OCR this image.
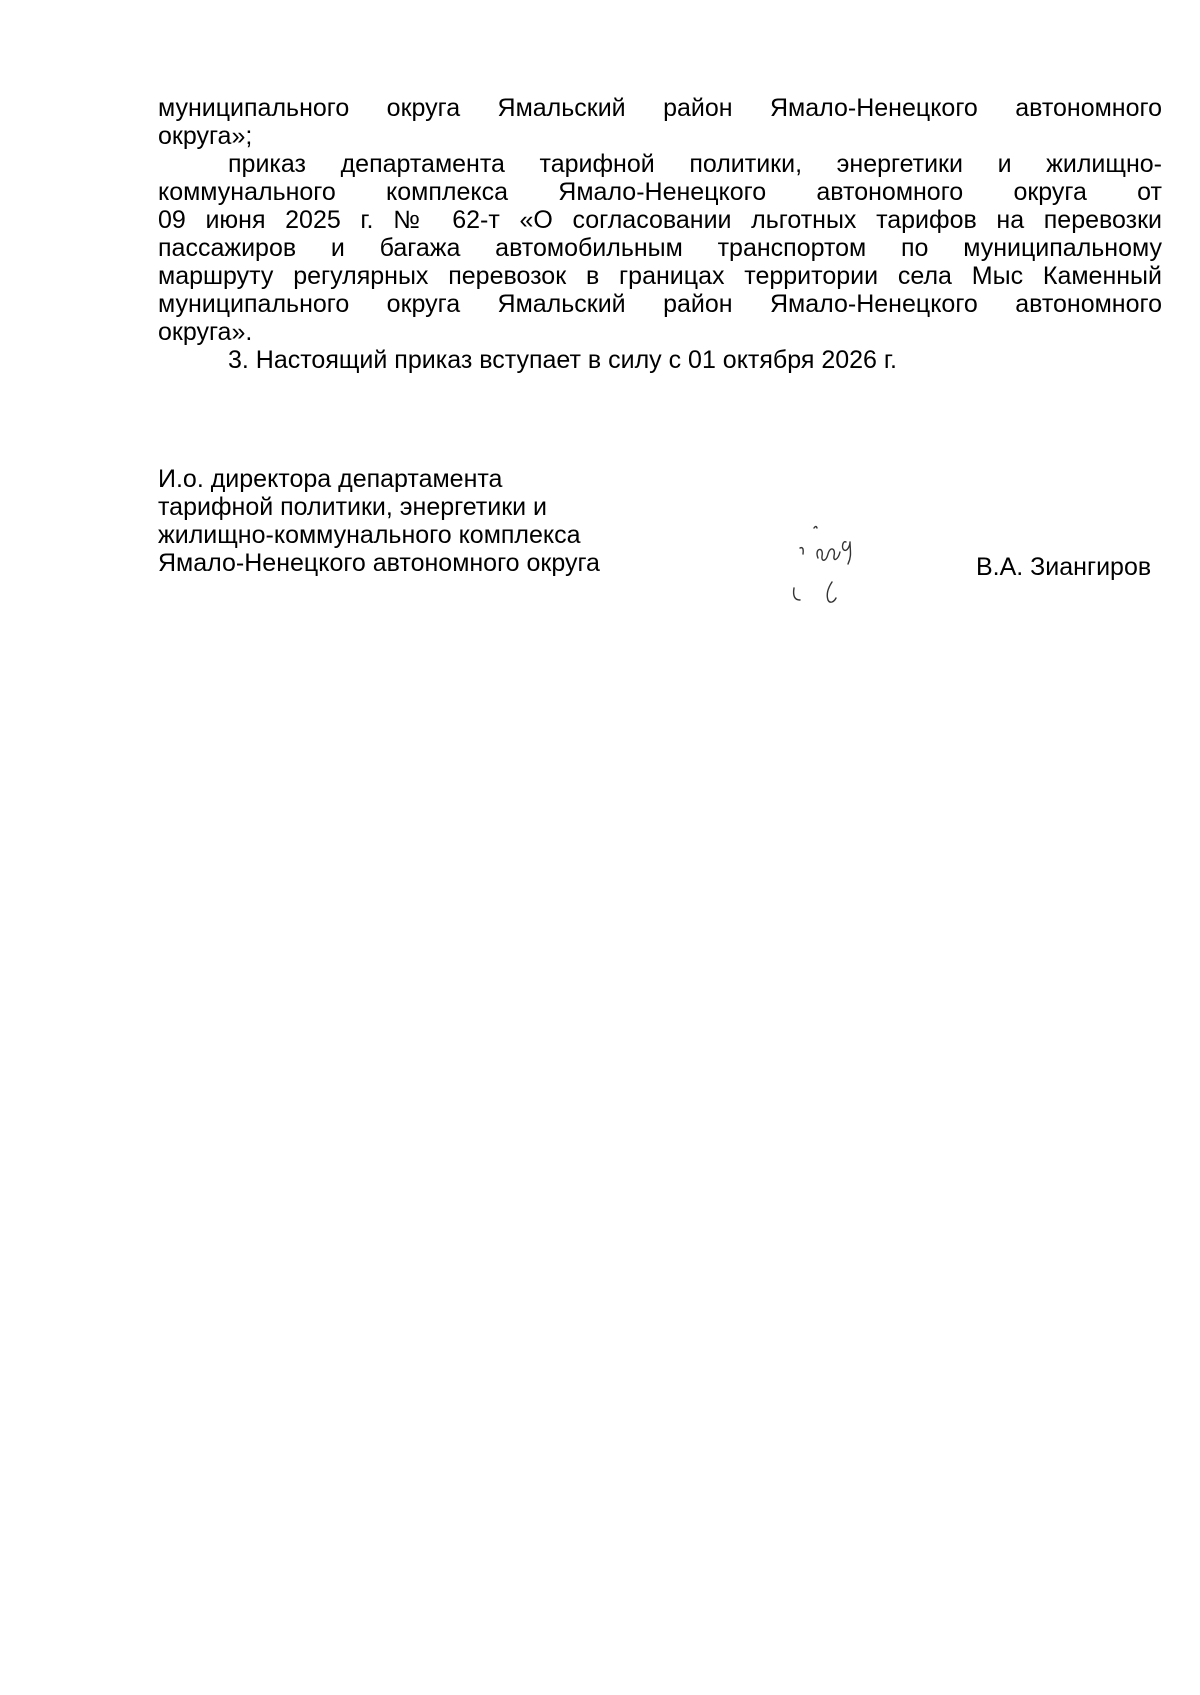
муниципального округа Ямальский район Ямало-Ненецкого автономного
округа»;
приказ департамента тарифной политики, энергетики и жилищно-
коммунального комплекса Ямало-Ненецкого автономного округа от
09 июня 2025 г. № 62-т «О согласовании льготных тарифов на перевозки
пассажиров и багажа автомобильным транспортом по муниципальному
маршруту регулярных перевозок в границах территории села Мыс Каменный
муниципального округа Ямальский район Ямало-Ненецкого автономного
округа».
3. Настоящий приказ вступает в силу с 01 октября 2026 г.
И.о. директора департамента
тарифной политики, энергетики и
жилищно-коммунального комплекса
Ямало-Ненецкого автономного округа	В.А. Зиангиров
